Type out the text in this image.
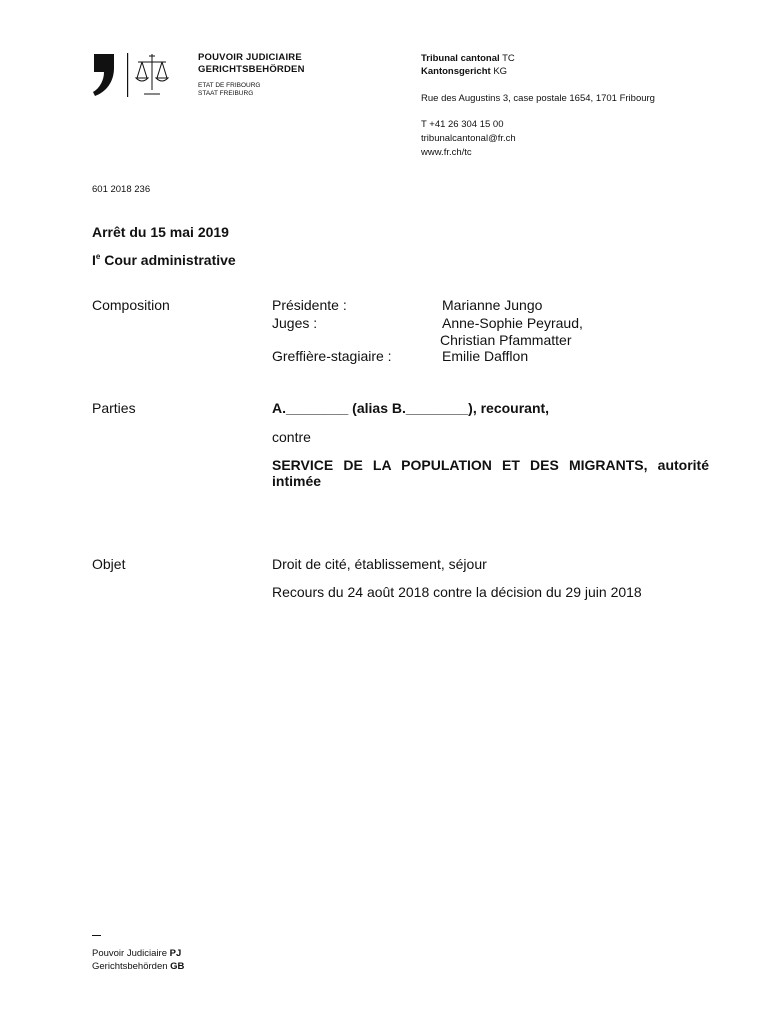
POUVOIR JUDICIAIRE
GERICHTSBEHÖRDEN
ETAT DE FRIBOURG
STAAT FREIBURG
Tribunal cantonal TC
Kantonsgericht KG
Rue des Augustins 3, case postale 1654, 1701 Fribourg
T +41 26 304 15 00
tribunalcantonal@fr.ch
www.fr.ch/tc
601 2018 236
Arrêt du 15 mai 2019
Ie Cour administrative
Composition	Présidente :	Marianne Jungo
Juges :	Anne-Sophie Peyraud,
Christian Pfammatter
Greffière-stagiaire :	Emilie Dafflon
Parties	A.________ (alias B.________), recourant,
contre
SERVICE DE LA POPULATION ET DES MIGRANTS, autorité intimée
Objet	Droit de cité, établissement, séjour
Recours du 24 août 2018 contre la décision du 29 juin 2018
Pouvoir Judiciaire PJ
Gerichtsbehörden GB
